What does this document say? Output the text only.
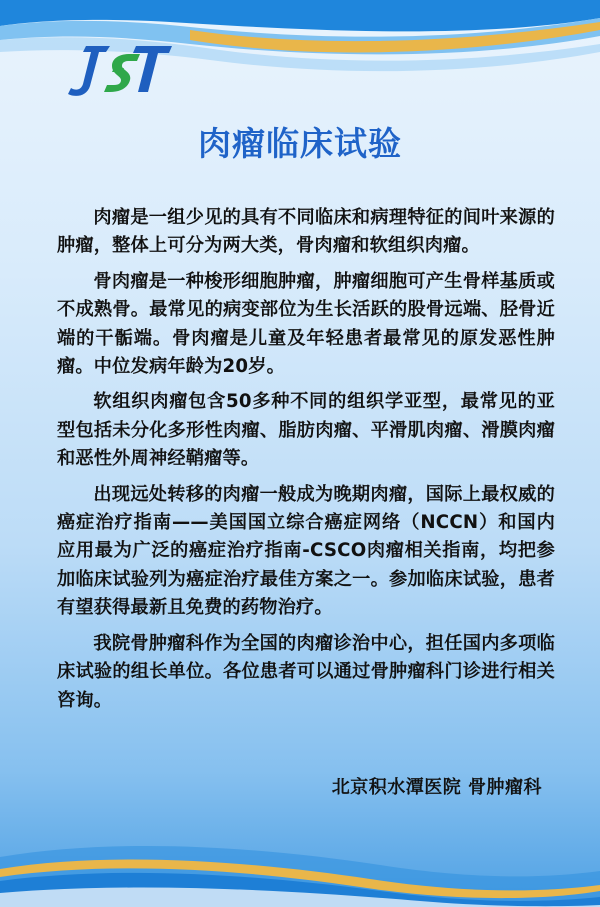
肉瘤临床试验

肉瘤是一组少见的具有不同临床和病理特征的间叶来源的肿瘤，整体上可分为两大类，骨肉瘤和软组织肉瘤。

骨肉瘤是一种梭形细胞肿瘤，肿瘤细胞可产生骨样基质或不成熟骨。最常见的病变部位为生长活跃的股骨远端、胫骨近端的干骺端。骨肉瘤是儿童及年轻患者最常见的原发恶性肿瘤。中位发病年龄为20岁。

软组织肉瘤包含50多种不同的组织学亚型，最常见的亚型包括未分化多形性肉瘤、脂肪肉瘤、平滑肌肉瘤、滑膜肉瘤和恶性外周神经鞘瘤等。

出现远处转移的肉瘤一般成为晚期肉瘤，国际上最权威的癌症治疗指南——美国国立综合癌症网络（NCCN）和国内应用最为广泛的癌症治疗指南-CSCO肉瘤相关指南，均把参加临床试验列为癌症治疗最佳方案之一。参加临床试验，患者有望获得最新且免费的药物治疗。

我院骨肿瘤科作为全国的肉瘤诊治中心，担任国内多项临床试验的组长单位。各位患者可以通过骨肿瘤科门诊进行相关咨询。

北京积水潭医院 骨肿瘤科
